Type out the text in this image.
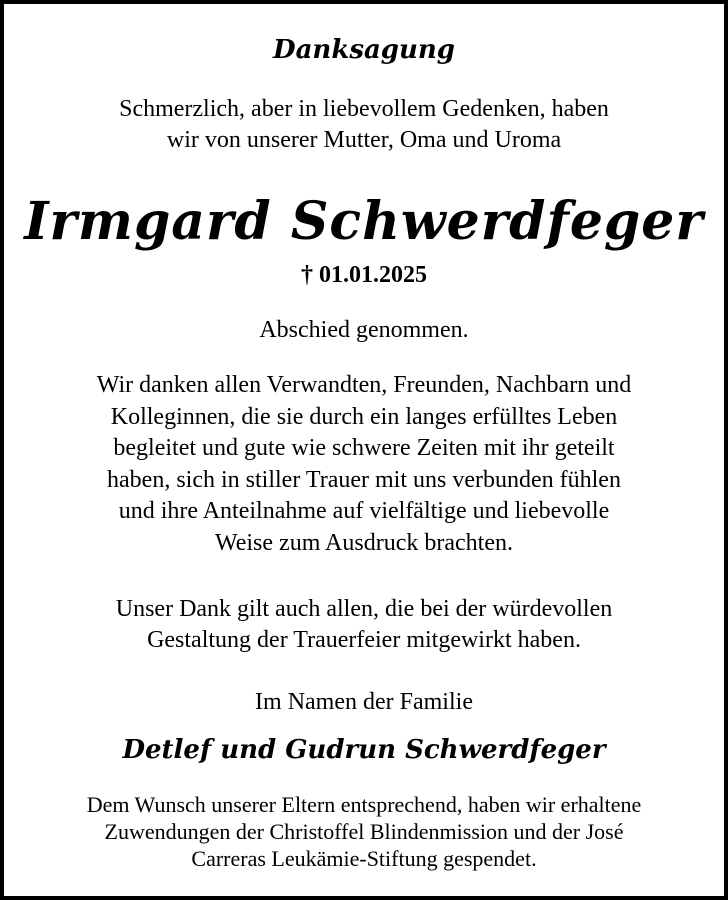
Danksagung
Schmerzlich, aber in liebevollem Gedenken, haben
wir von unserer Mutter, Oma und Uroma
Irmgard Schwerdfeger
† 01.01.2025
Abschied genommen.
Wir danken allen Verwandten, Freunden, Nachbarn und
Kolleginnen, die sie durch ein langes erfülltes Leben
begleitet und gute wie schwere Zeiten mit ihr geteilt
haben, sich in stiller Trauer mit uns verbunden fühlen
und ihre Anteilnahme auf vielfältige und liebevolle
Weise zum Ausdruck brachten.
Unser Dank gilt auch allen, die bei der würdevollen
Gestaltung der Trauerfeier mitgewirkt haben.
Im Namen der Familie
Detlef und Gudrun Schwerdfeger
Dem Wunsch unserer Eltern entsprechend, haben wir erhaltene
Zuwendungen der Christoffel Blindenmission und der José
Carreras Leukämie-Stiftung gespendet.
